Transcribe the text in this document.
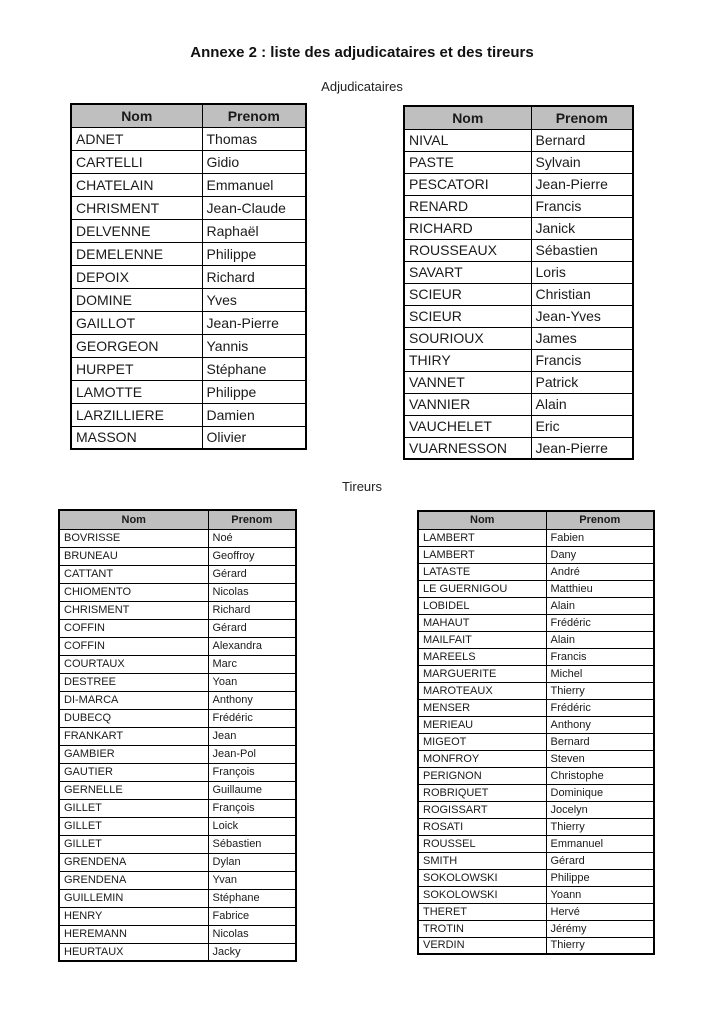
Annexe 2 : liste des adjudicataires et des tireurs
Adjudicataires
Nom	Prenom
ADNET	Thomas
CARTELLI	Gidio
CHATELAIN	Emmanuel
CHRISMENT	Jean-Claude
DELVENNE	Raphaël
DEMELENNE	Philippe
DEPOIX	Richard
DOMINE	Yves
GAILLOT	Jean-Pierre
GEORGEON	Yannis
HURPET	Stéphane
LAMOTTE	Philippe
LARZILLIERE	Damien
MASSON	Olivier
Nom	Prenom
NIVAL	Bernard
PASTE	Sylvain
PESCATORI	Jean-Pierre
RENARD	Francis
RICHARD	Janick
ROUSSEAUX	Sébastien
SAVART	Loris
SCIEUR	Christian
SCIEUR	Jean-Yves
SOURIOUX	James
THIRY	Francis
VANNET	Patrick
VANNIER	Alain
VAUCHELET	Eric
VUARNESSON	Jean-Pierre
Tireurs
Nom	Prenom
BOVRISSE	Noé
BRUNEAU	Geoffroy
CATTANT	Gérard
CHIOMENTO	Nicolas
CHRISMENT	Richard
COFFIN	Gérard
COFFIN	Alexandra
COURTAUX	Marc
DESTREE	Yoan
DI-MARCA	Anthony
DUBECQ	Frédéric
FRANKART	Jean
GAMBIER	Jean-Pol
GAUTIER	François
GERNELLE	Guillaume
GILLET	François
GILLET	Loick
GILLET	Sébastien
GRENDENA	Dylan
GRENDENA	Yvan
GUILLEMIN	Stéphane
HENRY	Fabrice
HEREMANN	Nicolas
HEURTAUX	Jacky
Nom	Prenom
LAMBERT	Fabien
LAMBERT	Dany
LATASTE	André
LE GUERNIGOU	Matthieu
LOBIDEL	Alain
MAHAUT	Frédéric
MAILFAIT	Alain
MAREELS	Francis
MARGUERITE	Michel
MAROTEAUX	Thierry
MENSER	Frédéric
MERIEAU	Anthony
MIGEOT	Bernard
MONFROY	Steven
PERIGNON	Christophe
ROBRIQUET	Dominique
ROGISSART	Jocelyn
ROSATI	Thierry
ROUSSEL	Emmanuel
SMITH	Gérard
SOKOLOWSKI	Philippe
SOKOLOWSKI	Yoann
THERET	Hervé
TROTIN	Jérémy
VERDIN	Thierry
